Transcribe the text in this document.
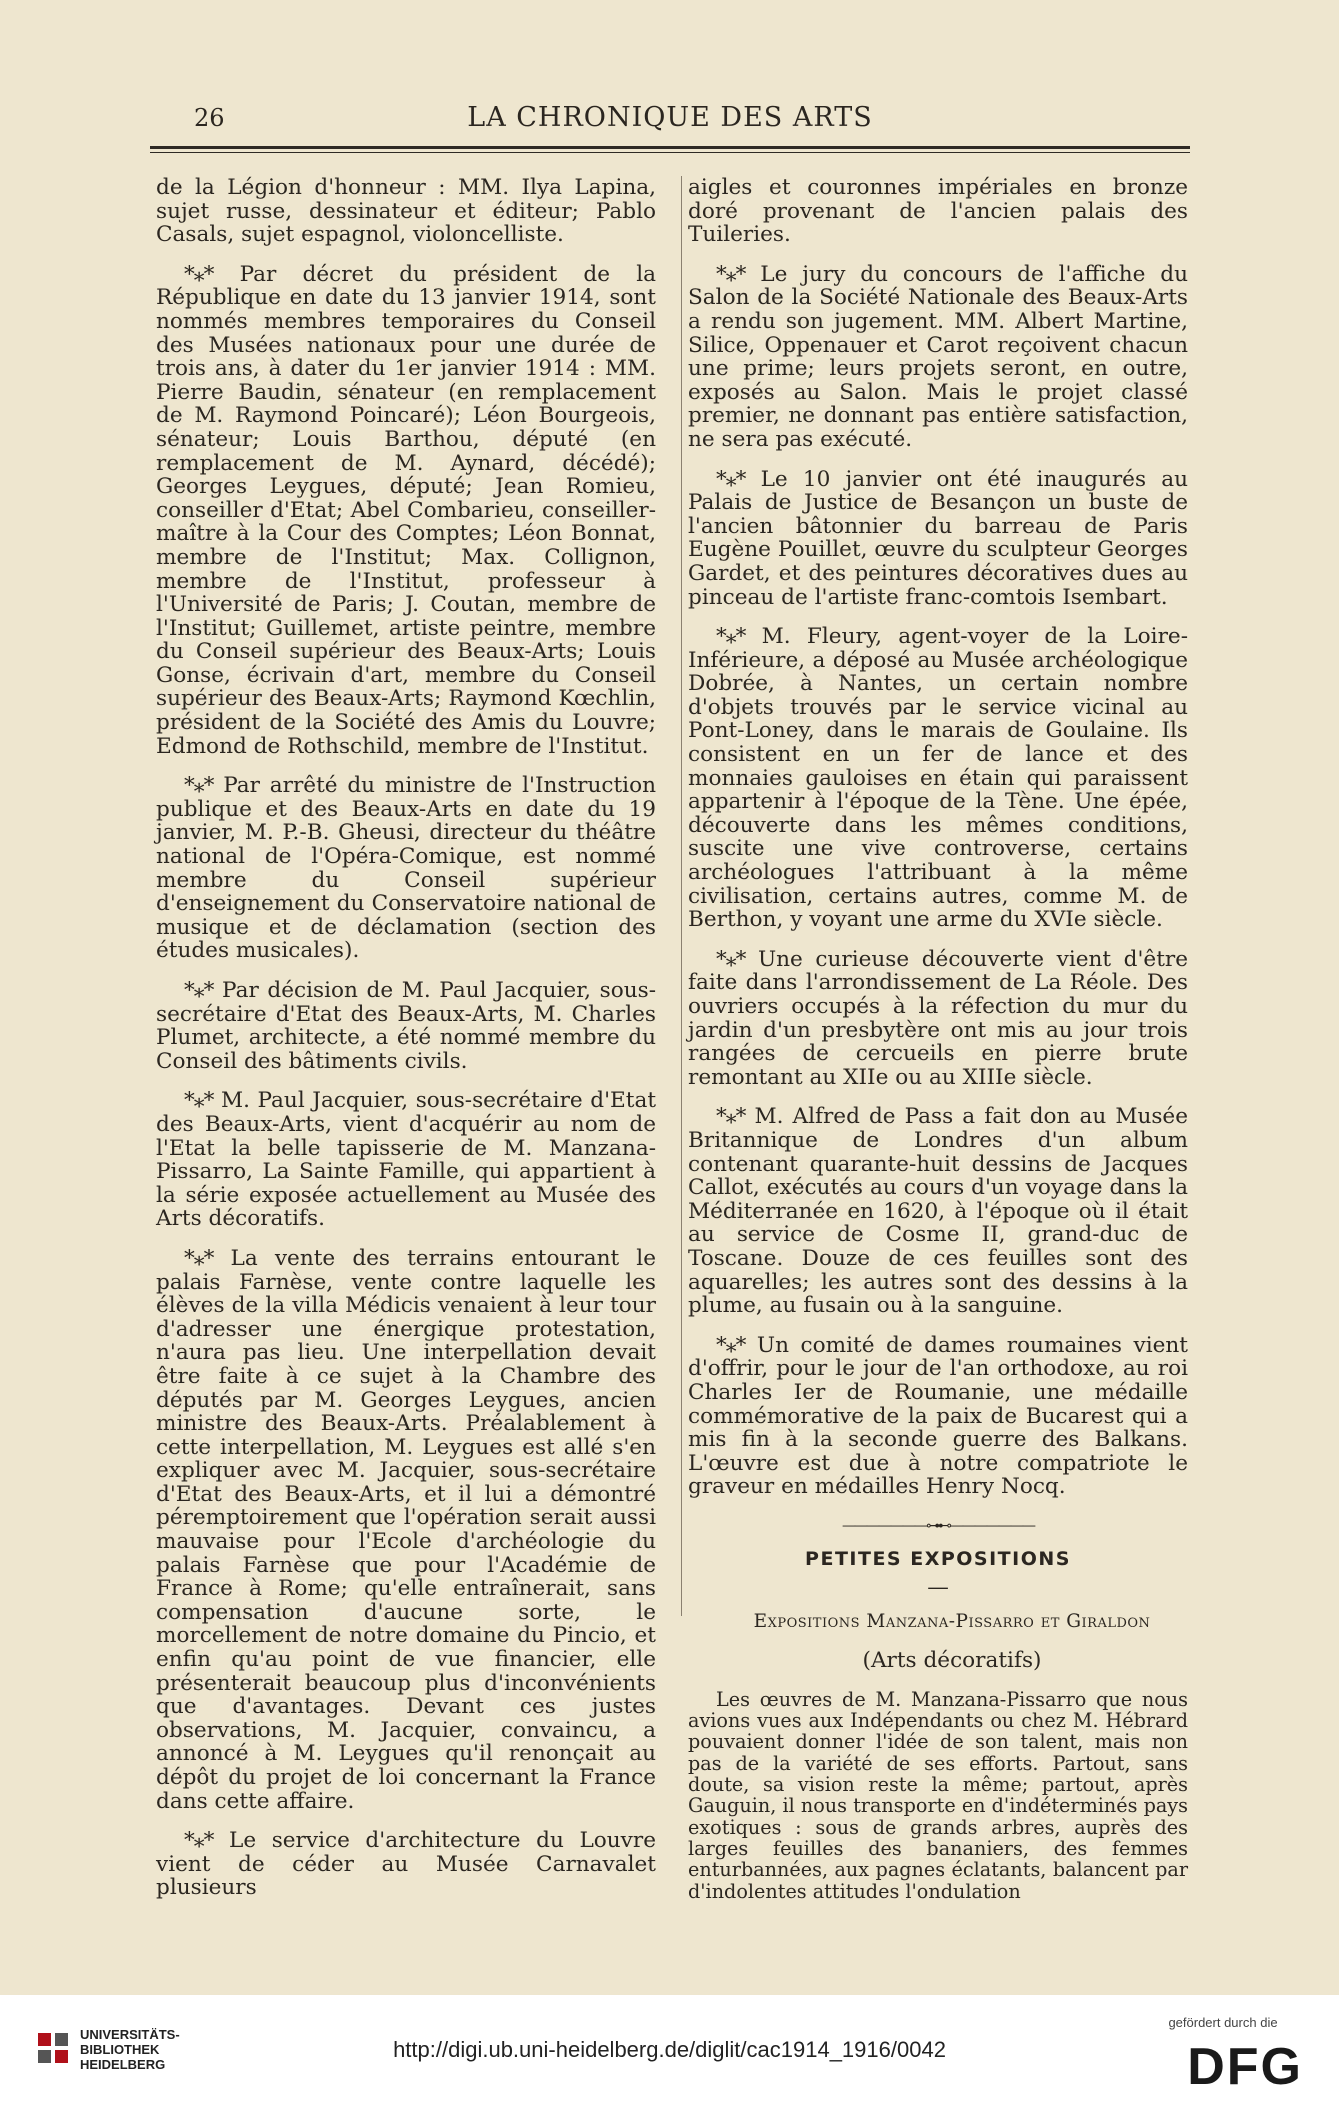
26	LA CHRONIQUE DES ARTS

de la Légion d'honneur : MM. Ilya Lapina, sujet russe, dessinateur et éditeur; Pablo Casals, sujet espagnol, violoncelliste.

*⁎* Par décret du président de la République en date du 13 janvier 1914, sont nommés membres temporaires du Conseil des Musées nationaux pour une durée de trois ans, à dater du 1er janvier 1914 : MM. Pierre Baudin, sénateur (en remplacement de M. Raymond Poincaré); Léon Bourgeois, sénateur; Louis Barthou, député (en remplacement de M. Aynard, décédé); Georges Leygues, député; Jean Romieu, conseiller d'Etat; Abel Combarieu, conseiller-maître à la Cour des Comptes; Léon Bonnat, membre de l'Institut; Max. Collignon, membre de l'Institut, professeur à l'Université de Paris; J. Coutan, membre de l'Institut; Guillemet, artiste peintre, membre du Conseil supérieur des Beaux-Arts; Louis Gonse, écrivain d'art, membre du Conseil supérieur des Beaux-Arts; Raymond Kœchlin, président de la Société des Amis du Louvre; Edmond de Rothschild, membre de l'Institut.

*⁎* Par arrêté du ministre de l'Instruction publique et des Beaux-Arts en date du 19 janvier, M. P.-B. Gheusi, directeur du théâtre national de l'Opéra-Comique, est nommé membre du Conseil supérieur d'enseignement du Conservatoire national de musique et de déclamation (section des études musicales).

*⁎* Par décision de M. Paul Jacquier, sous-secrétaire d'Etat des Beaux-Arts, M. Charles Plumet, architecte, a été nommé membre du Conseil des bâtiments civils.

*⁎* M. Paul Jacquier, sous-secrétaire d'Etat des Beaux-Arts, vient d'acquérir au nom de l'Etat la belle tapisserie de M. Manzana-Pissarro, La Sainte Famille, qui appartient à la série exposée actuellement au Musée des Arts décoratifs.

*⁎* La vente des terrains entourant le palais Farnèse, vente contre laquelle les élèves de la villa Médicis venaient à leur tour d'adresser une énergique protestation, n'aura pas lieu. Une interpellation devait être faite à ce sujet à la Chambre des députés par M. Georges Leygues, ancien ministre des Beaux-Arts. Préalablement à cette interpellation, M. Leygues est allé s'en expliquer avec M. Jacquier, sous-secrétaire d'Etat des Beaux-Arts, et il lui a démontré péremptoirement que l'opération serait aussi mauvaise pour l'Ecole d'archéologie du palais Farnèse que pour l'Académie de France à Rome; qu'elle entraînerait, sans compensation d'aucune sorte, le morcellement de notre domaine du Pincio, et enfin qu'au point de vue financier, elle présenterait beaucoup plus d'inconvénients que d'avantages. Devant ces justes observations, M. Jacquier, convaincu, a annoncé à M. Leygues qu'il renonçait au dépôt du projet de loi concernant la France dans cette affaire.

*⁎* Le service d'architecture du Louvre vient de céder au Musée Carnavalet plusieurs

aigles et couronnes impériales en bronze doré provenant de l'ancien palais des Tuileries.

*⁎* Le jury du concours de l'affiche du Salon de la Société Nationale des Beaux-Arts a rendu son jugement. MM. Albert Martine, Silice, Oppenauer et Carot reçoivent chacun une prime; leurs projets seront, en outre, exposés au Salon. Mais le projet classé premier, ne donnant pas entière satisfaction, ne sera pas exécuté.

*⁎* Le 10 janvier ont été inaugurés au Palais de Justice de Besançon un buste de l'ancien bâtonnier du barreau de Paris Eugène Pouillet, œuvre du sculpteur Georges Gardet, et des peintures décoratives dues au pinceau de l'artiste franc-comtois Isembart.

*⁎* M. Fleury, agent-voyer de la Loire-Inférieure, a déposé au Musée archéologique Dobrée, à Nantes, un certain nombre d'objets trouvés par le service vicinal au Pont-Loney, dans le marais de Goulaine. Ils consistent en un fer de lance et des monnaies gauloises en étain qui paraissent appartenir à l'époque de la Tène. Une épée, découverte dans les mêmes conditions, suscite une vive controverse, certains archéologues l'attribuant à la même civilisation, certains autres, comme M. de Berthon, y voyant une arme du XVIe siècle.

*⁎* Une curieuse découverte vient d'être faite dans l'arrondissement de La Réole. Des ouvriers occupés à la réfection du mur du jardin d'un presbytère ont mis au jour trois rangées de cercueils en pierre brute remontant au XIIe ou au XIIIe siècle.

*⁎* M. Alfred de Pass a fait don au Musée Britannique de Londres d'un album contenant quarante-huit dessins de Jacques Callot, exécutés au cours d'un voyage dans la Méditerranée en 1620, à l'époque où il était au service de Cosme II, grand-duc de Toscane. Douze de ces feuilles sont des aquarelles; les autres sont des dessins à la plume, au fusain ou à la sanguine.

*⁎* Un comité de dames roumaines vient d'offrir, pour le jour de l'an orthodoxe, au roi Charles Ier de Roumanie, une médaille commémorative de la paix de Bucarest qui a mis fin à la seconde guerre des Balkans. L'œuvre est due à notre compatriote le graveur en médailles Henry Nocq.

———————⊶⊷———————
PETITES EXPOSITIONS
—

Expositions Manzana-Pissarro et Giraldon

(Arts décoratifs)

Les œuvres de M. Manzana-Pissarro que nous avions vues aux Indépendants ou chez M. Hébrard pouvaient donner l'idée de son talent, mais non pas de la variété de ses efforts. Partout, sans doute, sa vision reste la même; partout, après Gauguin, il nous transporte en d'indéterminés pays exotiques : sous de grands arbres, auprès des larges feuilles des bananiers, des femmes enturbannées, aux pagnes éclatants, balancent par d'indolentes attitudes l'ondulation

UNIVERSITÄTS-
BIBLIOTHEK
HEIDELBERG
http://digi.ub.uni-heidelberg.de/diglit/cac1914_1916/0042
gefördert durch die
DFG
